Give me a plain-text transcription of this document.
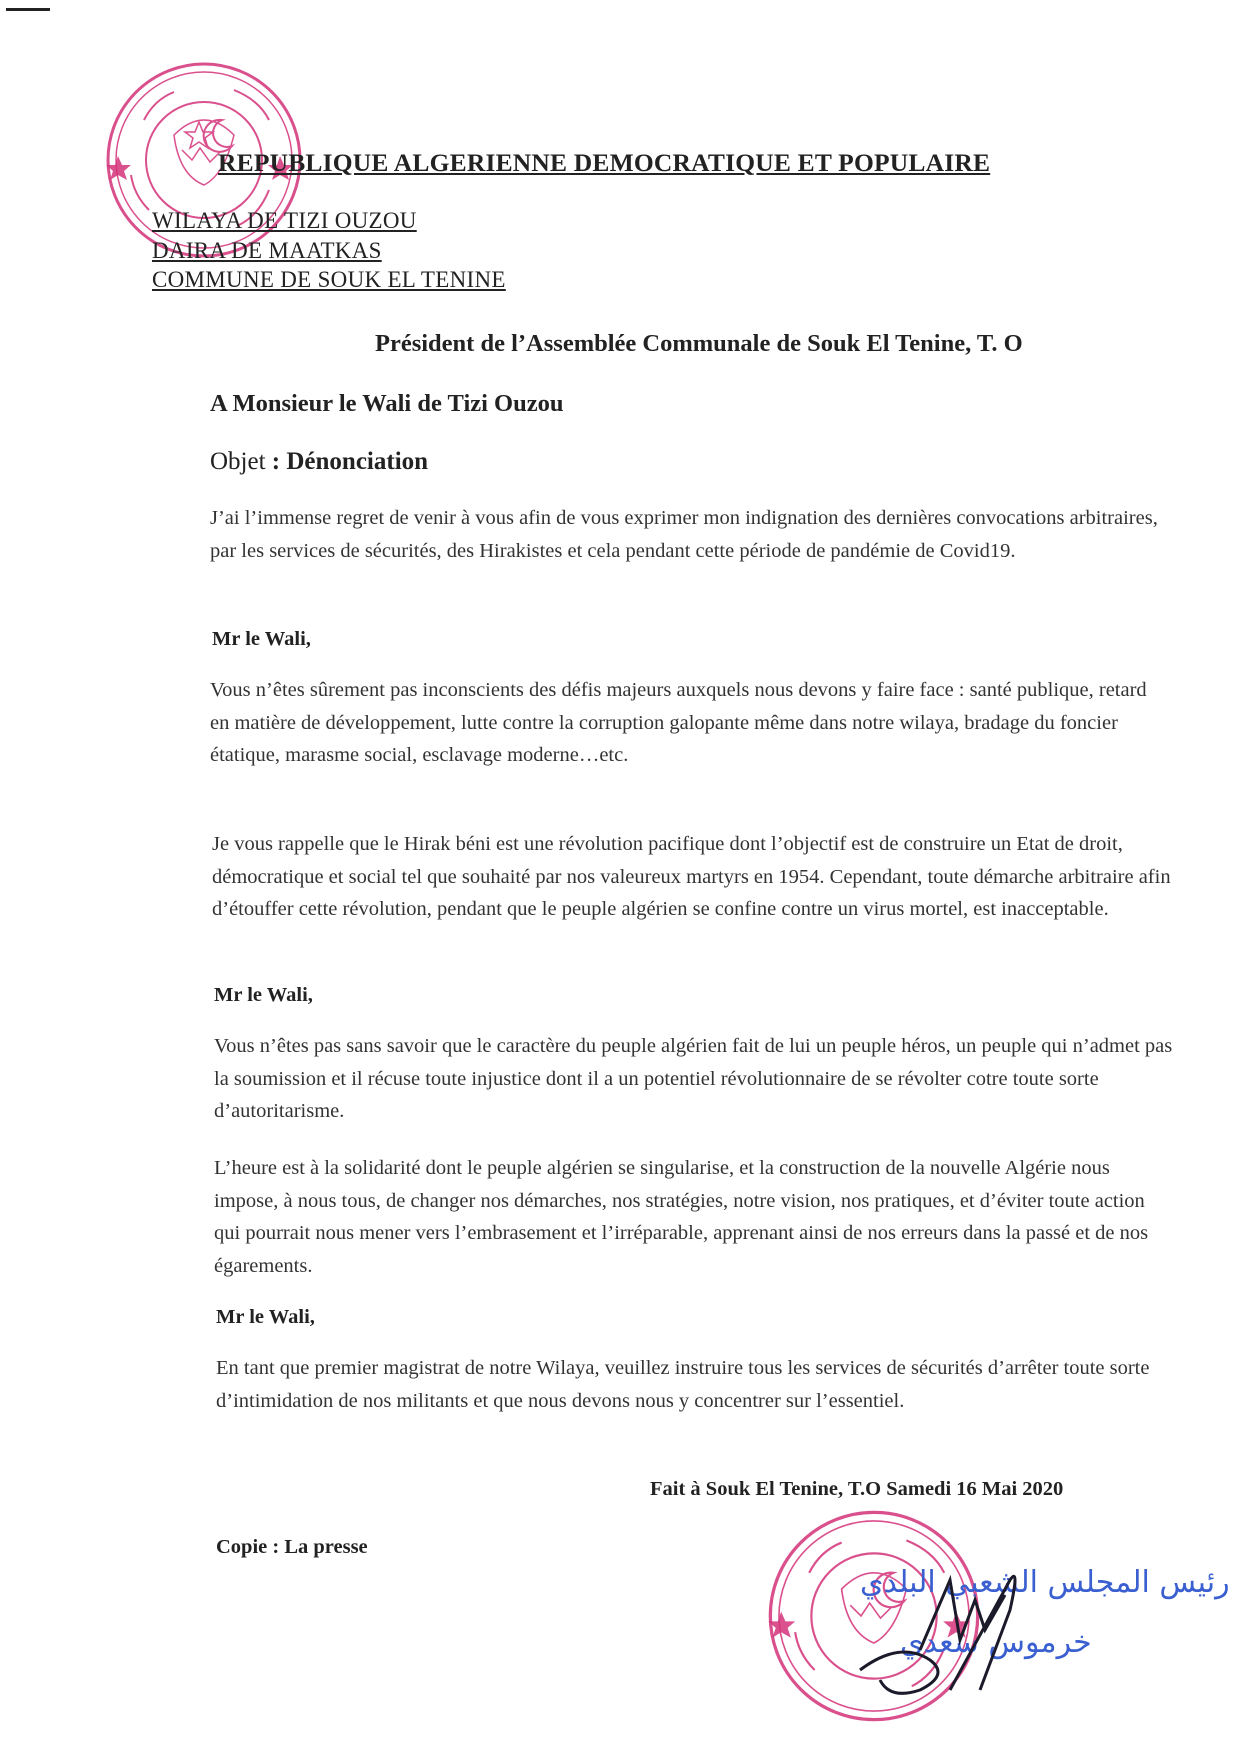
REPUBLIQUE ALGERIENNE DEMOCRATIQUE ET POPULAIRE
WILAYA DE TIZI OUZOU
DAIRA DE MAATKAS
COMMUNE DE SOUK EL TENINE
Président de l’Assemblée Communale de Souk El Tenine, T. O
A Monsieur le Wali de Tizi Ouzou
Objet : Dénonciation
J’ai l’immense regret de venir à vous afin de vous exprimer mon indignation des dernières convocations arbitraires, par les services de sécurités, des Hirakistes et cela pendant cette période de pandémie de Covid19.
Mr le Wali,
Vous n’êtes sûrement pas inconscients des défis majeurs auxquels nous devons y faire face : santé publique, retard en matière de développement, lutte contre la corruption galopante même dans notre wilaya, bradage du foncier étatique, marasme social, esclavage moderne…etc.
Je vous rappelle que le Hirak béni est une révolution pacifique dont l’objectif est de construire un Etat de droit, démocratique et social tel que souhaité par nos valeureux martyrs en 1954. Cependant, toute démarche arbitraire afin d’étouffer cette révolution, pendant que le peuple algérien se confine contre un virus mortel, est inacceptable.
Mr le Wali,
Vous n’êtes pas sans savoir que le caractère du peuple algérien fait de lui un peuple héros, un peuple qui n’admet pas la soumission et il récuse toute injustice dont il a un potentiel révolutionnaire de se révolter cotre toute sorte d’autoritarisme.
L’heure est à la solidarité dont le peuple algérien se singularise, et la construction de la nouvelle Algérie nous impose, à nous tous, de changer nos démarches, nos stratégies, notre vision, nos pratiques, et d’éviter toute action qui pourrait nous mener vers l’embrasement et l’irréparable, apprenant ainsi de nos erreurs dans la passé et de nos égarements.
Mr le Wali,
En tant que premier magistrat de notre Wilaya, veuillez instruire tous les services de sécurités d’arrêter toute sorte d’intimidation de nos militants et que nous devons nous y concentrer sur l’essentiel.
Fait à Souk El Tenine, T.O Samedi 16 Mai 2020
Copie : La presse
رئيس المجلس الشعبي البلدي
خرموس سعدي
